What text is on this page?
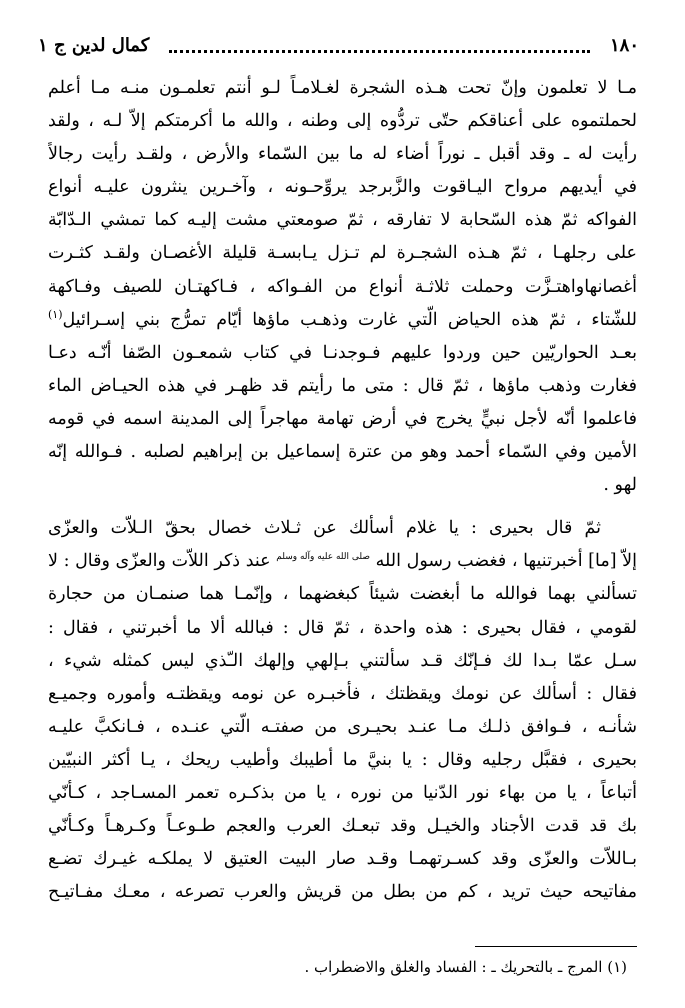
١٨٠
كمال لدين ج ١
مـا لا تعلمون وإنّ تحت هـذه الشجرة لغـلامـاً لـو أنتم تعلمـون منـه مـا أعلم
لحملتموه على أعناقكم حتّى تردُّوه إلى وطنه ، والله ما أكرمتكم إلاّ لـه ، ولقد
رأيت له ـ وقد أقبل ـ نوراً أضاء له ما بين السّماء والأرض ، ولقـد رأيت رجالاً
في أيديهم مرواح اليـاقوت والزَّبرجد يروِّحـونه ، وآخـرين ينثرون عليـه أنواع
الفواكه ثمّ هذه السّحابة لا تفارقه ، ثمّ صومعتي مشت إليـه كما تمشي الـدّابّة
على رجلهـا ، ثمّ هـذه الشجـرة لم تـزل يـابسـة قليلة الأغصـان ولقـد كثـرت
أغصانهاواهتـزَّت وحملت ثلاثـة أنواع من الفـواكه ، فـاكهتـان للصيف وفـاكهة
للشّتاء ، ثمّ هذه الحياض الّتي غارت وذهـب ماؤها أيّام تمرُّج بني إسـرائيل$^{(١)}$
بعـد الحواريّين حين وردوا عليهم فـوجدنـا في كتاب شمعـون الصّفا أنّـه دعـا
فغارت وذهب ماؤها ، ثمّ قال : متى ما رأيتم قد ظهـر في هذه الحيـاض الماء
فاعلموا أنّه لأجل نبيٍّ يخرج في أرض تهامة مهاجراً إلى المدينة اسمه في قومه
الأمين وفي السّماء أحمد وهو من عترة إسماعيل بن إبراهيم لصلبه . فـوالله إنّه
لهو .
ثمّ قال بحيرى : يا غلام أسألك عن ثـلاث خصال بحقّ الـلاّت والعزّى
إلاّ [ما] أخبرتنيها ، فغضب رسول الله صلى الله عليه وآله وسلم عند ذكر اللاّت والعزّى وقال : لا
تسألني بهما فوالله ما أبغضت شيئاً كبغضهما ، وإنّمـا هما صنمـان من حجارة
لقومي ، فقال بحيرى : هذه واحدة ، ثمّ قال : فبالله ألا ما أخبرتني ، فقال :
سـل عمّا بـدا لك فـإنّك قـد سألتني بـإلهي وإلهك الـّذي ليس كمثله شيء ،
فقال : أسألك عن نومك ويقظتك ، فأخبـره عن نومه ويقظتـه وأموره وجميـع
شأنـه ، فـوافق ذلـك مـا عنـد بحيـرى من صفتـه الّتي عنـده ، فـانكبَّ عليـه
بحيرى ، فقبَّل رجليه وقال : يا بنيَّ ما أطيبك وأطيب ريحك ، يـا أكثر النبيّين
أتباعاً ، يا من بهاء نور الدّنيا من نوره ، يا من بذكـره تعمر المسـاجد ، كـأنّي
بك قد قدت الأجناد والخيـل وقد تبعـك العرب والعجم طـوعـاً وكـرهـاً وكـأنّي
بـاللاّت والعزّى وقد كسـرتهمـا وقـد صار البيت العتيق لا يملكـه غيـرك تضـع
مفاتيحه حيث تريد ، كم من بطل من قريش والعرب تصرعه ، معـك مفـاتيـح
(١) المرج ـ بالتحريك ـ : الفساد والغلق والاضطراب .
